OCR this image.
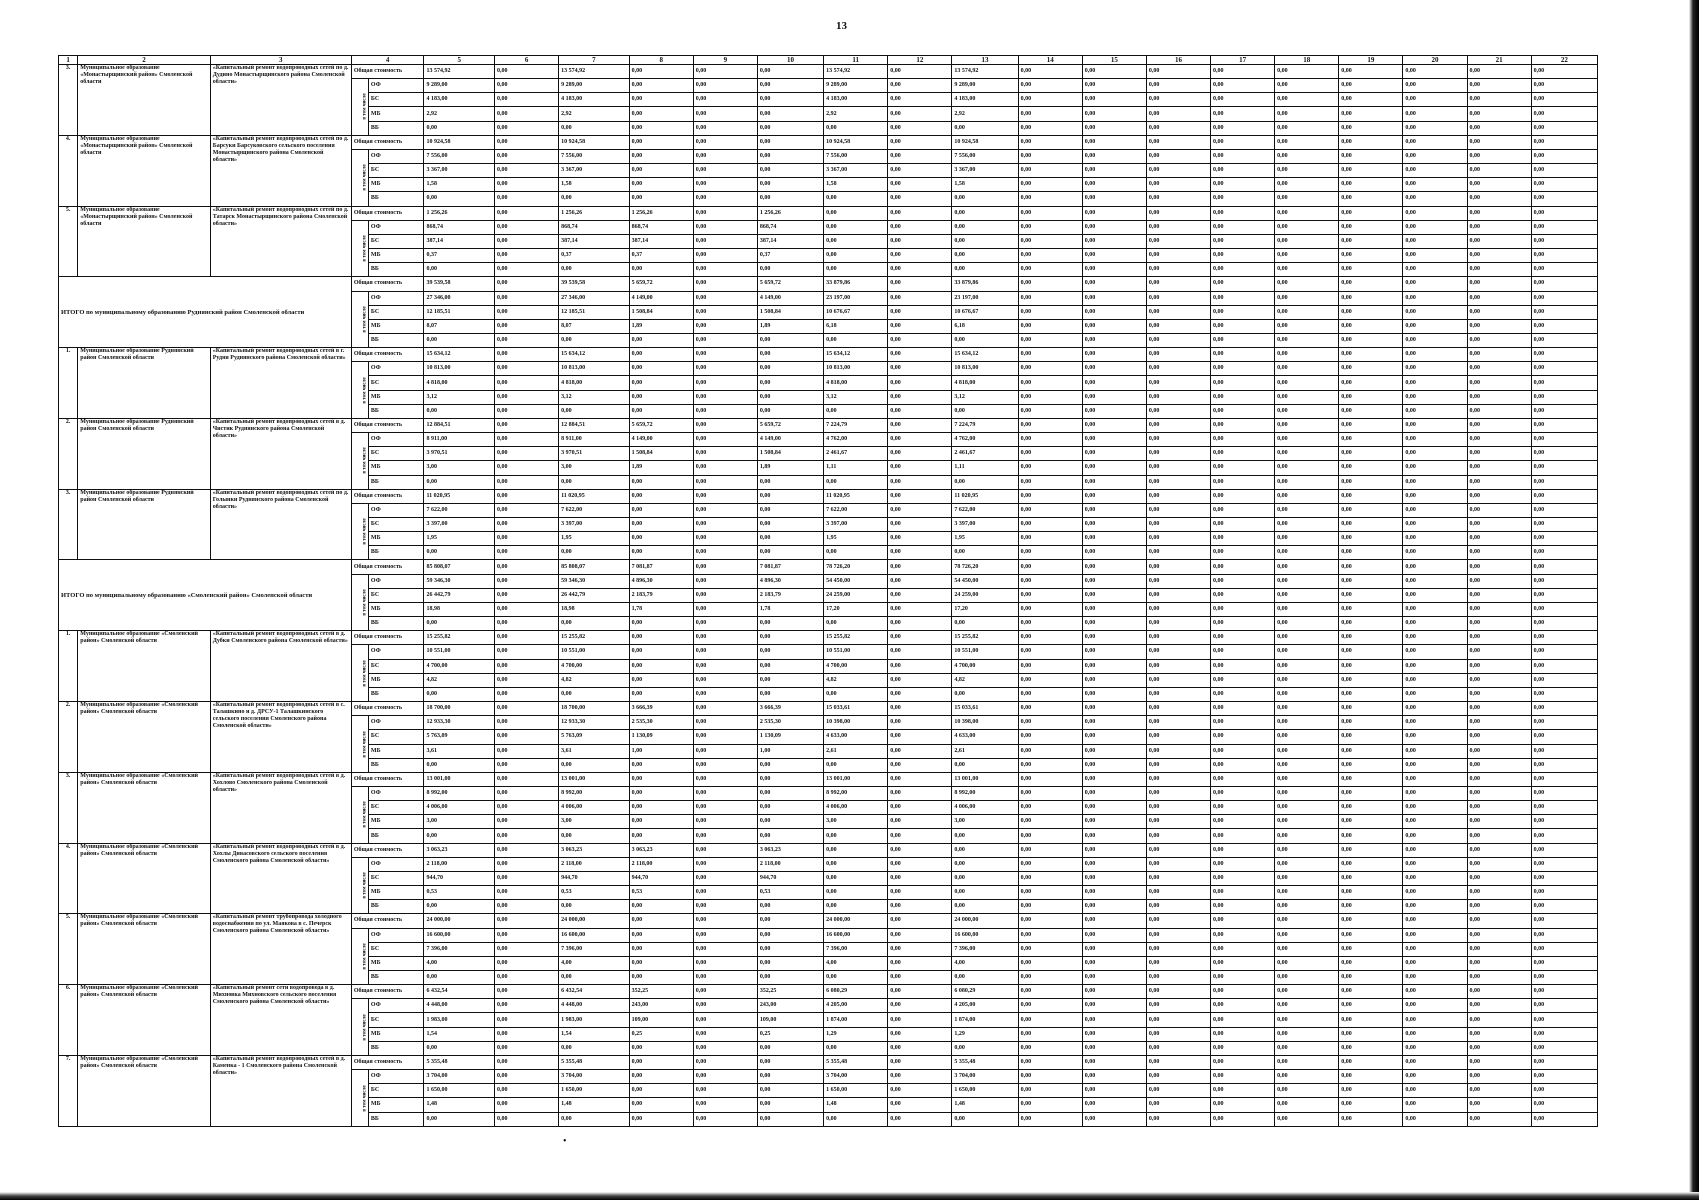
13
1	2	3	4		5	6	7	8	9	10	11	12	13	14	15	16	17	18	19	20	21	22
3.	Муниципальное образование «Монастырщинский район» Смоленской области	«Капитальный ремонт водопроводных сетей по д. Дудино Монастырщинского района Смоленской области»	Общая стоимость		13 574,92	0,00	13 574,92	0,00	0,00	0,00	13 574,92	0,00	13 574,92	0,00	0,00	0,00	0,00	0,00	0,00	0,00	0,00	0,00
			в том числе	ОФ	9 289,00	0,00	9 289,00	0,00	0,00	0,00	9 289,00	0,00	9 289,00	0,00	0,00	0,00	0,00	0,00	0,00	0,00	0,00	0,00
				БС	4 183,00	0,00	4 183,00	0,00	0,00	0,00	4 183,00	0,00	4 183,00	0,00	0,00	0,00	0,00	0,00	0,00	0,00	0,00	0,00
				МБ	2,92	0,00	2,92	0,00	0,00	0,00	2,92	0,00	2,92	0,00	0,00	0,00	0,00	0,00	0,00	0,00	0,00	0,00
				ВБ	0,00	0,00	0,00	0,00	0,00	0,00	0,00	0,00	0,00	0,00	0,00	0,00	0,00	0,00	0,00	0,00	0,00	0,00
4.	Муниципальное образование «Монастырщинский район» Смоленской области	«Капитальный ремонт водопроводных сетей по д. Барсуки Барсуковского сельского поселения Монастырщинского района Смоленской области»	Общая стоимость		10 924,58	0,00	10 924,58	0,00	0,00	0,00	10 924,58	0,00	10 924,58	0,00	0,00	0,00	0,00	0,00	0,00	0,00	0,00	0,00
			в том числе	ОФ	7 556,00	0,00	7 556,00	0,00	0,00	0,00	7 556,00	0,00	7 556,00	0,00	0,00	0,00	0,00	0,00	0,00	0,00	0,00	0,00
				БС	3 367,00	0,00	3 367,00	0,00	0,00	0,00	3 367,00	0,00	3 367,00	0,00	0,00	0,00	0,00	0,00	0,00	0,00	0,00	0,00
				МБ	1,58	0,00	1,58	0,00	0,00	0,00	1,58	0,00	1,58	0,00	0,00	0,00	0,00	0,00	0,00	0,00	0,00	0,00
				ВБ	0,00	0,00	0,00	0,00	0,00	0,00	0,00	0,00	0,00	0,00	0,00	0,00	0,00	0,00	0,00	0,00	0,00	0,00
5.	Муниципальное образование «Монастырщинский район» Смоленской области	«Капитальный ремонт водопроводных сетей по д. Татарск Монастырщинского района Смоленской области»	Общая стоимость		1 256,26	0,00	1 256,26	1 256,26	0,00	1 256,26	0,00	0,00	0,00	0,00	0,00	0,00	0,00	0,00	0,00	0,00	0,00	0,00
			в том числе	ОФ	868,74	0,00	868,74	868,74	0,00	868,74	0,00	0,00	0,00	0,00	0,00	0,00	0,00	0,00	0,00	0,00	0,00	0,00
				БС	387,14	0,00	387,14	387,14	0,00	387,14	0,00	0,00	0,00	0,00	0,00	0,00	0,00	0,00	0,00	0,00	0,00	0,00
				МБ	0,37	0,00	0,37	0,37	0,00	0,37	0,00	0,00	0,00	0,00	0,00	0,00	0,00	0,00	0,00	0,00	0,00	0,00
				ВБ	0,00	0,00	0,00	0,00	0,00	0,00	0,00	0,00	0,00	0,00	0,00	0,00	0,00	0,00	0,00	0,00	0,00	0,00
ИТОГО по муниципальному образованию Руднянский район Смоленской области			Общая стоимость		39 539,58	0,00	39 539,58	5 659,72	0,00	5 659,72	33 879,86	0,00	33 879,86	0,00	0,00	0,00	0,00	0,00	0,00	0,00	0,00	0,00
			в том числе	ОФ	27 346,00	0,00	27 346,00	4 149,00	0,00	4 149,00	23 197,00	0,00	23 197,00	0,00	0,00	0,00	0,00	0,00	0,00	0,00	0,00	0,00
				БС	12 185,51	0,00	12 185,51	1 508,84	0,00	1 508,84	10 676,67	0,00	10 676,67	0,00	0,00	0,00	0,00	0,00	0,00	0,00	0,00	0,00
				МБ	8,07	0,00	8,07	1,89	0,00	1,89	6,18	0,00	6,18	0,00	0,00	0,00	0,00	0,00	0,00	0,00	0,00	0,00
				ВБ	0,00	0,00	0,00	0,00	0,00	0,00	0,00	0,00	0,00	0,00	0,00	0,00	0,00	0,00	0,00	0,00	0,00	0,00
1.	Муниципальное образование Руднянский район Смоленской области	«Капитальный ремонт водопроводных сетей в г. Рудня Руднянского района Смоленской области»	Общая стоимость		15 634,12	0,00	15 634,12	0,00	0,00	0,00	15 634,12	0,00	15 634,12	0,00	0,00	0,00	0,00	0,00	0,00	0,00	0,00	0,00
			в том числе	ОФ	10 813,00	0,00	10 813,00	0,00	0,00	0,00	10 813,00	0,00	10 813,00	0,00	0,00	0,00	0,00	0,00	0,00	0,00	0,00	0,00
				БС	4 818,00	0,00	4 818,00	0,00	0,00	0,00	4 818,00	0,00	4 818,00	0,00	0,00	0,00	0,00	0,00	0,00	0,00	0,00	0,00
				МБ	3,12	0,00	3,12	0,00	0,00	0,00	3,12	0,00	3,12	0,00	0,00	0,00	0,00	0,00	0,00	0,00	0,00	0,00
				ВБ	0,00	0,00	0,00	0,00	0,00	0,00	0,00	0,00	0,00	0,00	0,00	0,00	0,00	0,00	0,00	0,00	0,00	0,00
2.	Муниципальное образование Руднянский район Смоленской области	«Капитальный ремонт водопроводных сетей в д. Чистик Руднянского района Смоленской области»	Общая стоимость		12 884,51	0,00	12 884,51	5 659,72	0,00	5 659,72	7 224,79	0,00	7 224,79	0,00	0,00	0,00	0,00	0,00	0,00	0,00	0,00	0,00
			в том числе	ОФ	8 911,00	0,00	8 911,00	4 149,00	0,00	4 149,00	4 762,00	0,00	4 762,00	0,00	0,00	0,00	0,00	0,00	0,00	0,00	0,00	0,00
				БС	3 970,51	0,00	3 970,51	1 508,84	0,00	1 508,84	2 461,67	0,00	2 461,67	0,00	0,00	0,00	0,00	0,00	0,00	0,00	0,00	0,00
				МБ	3,00	0,00	3,00	1,89	0,00	1,89	1,11	0,00	1,11	0,00	0,00	0,00	0,00	0,00	0,00	0,00	0,00	0,00
				ВБ	0,00	0,00	0,00	0,00	0,00	0,00	0,00	0,00	0,00	0,00	0,00	0,00	0,00	0,00	0,00	0,00	0,00	0,00
3.	Муниципальное образование Руднянский район Смоленской области	«Капитальный ремонт водопроводных сетей по д. Голынки Руднянского района Смоленской области»	Общая стоимость		11 020,95	0,00	11 020,95	0,00	0,00	0,00	11 020,95	0,00	11 020,95	0,00	0,00	0,00	0,00	0,00	0,00	0,00	0,00	0,00
			в том числе	ОФ	7 622,00	0,00	7 622,00	0,00	0,00	0,00	7 622,00	0,00	7 622,00	0,00	0,00	0,00	0,00	0,00	0,00	0,00	0,00	0,00
				БС	3 397,00	0,00	3 397,00	0,00	0,00	0,00	3 397,00	0,00	3 397,00	0,00	0,00	0,00	0,00	0,00	0,00	0,00	0,00	0,00
				МБ	1,95	0,00	1,95	0,00	0,00	0,00	1,95	0,00	1,95	0,00	0,00	0,00	0,00	0,00	0,00	0,00	0,00	0,00
				ВБ	0,00	0,00	0,00	0,00	0,00	0,00	0,00	0,00	0,00	0,00	0,00	0,00	0,00	0,00	0,00	0,00	0,00	0,00
ИТОГО по муниципальному образованию «Смоленский район» Смоленской области			Общая стоимость		85 808,07	0,00	85 808,07	7 081,87	0,00	7 081,87	78 726,20	0,00	78 726,20	0,00	0,00	0,00	0,00	0,00	0,00	0,00	0,00	0,00
			в том числе	ОФ	59 346,30	0,00	59 346,30	4 896,30	0,00	4 896,30	54 450,00	0,00	54 450,00	0,00	0,00	0,00	0,00	0,00	0,00	0,00	0,00	0,00
				БС	26 442,79	0,00	26 442,79	2 183,79	0,00	2 183,79	24 259,00	0,00	24 259,00	0,00	0,00	0,00	0,00	0,00	0,00	0,00	0,00	0,00
				МБ	18,98	0,00	18,98	1,78	0,00	1,78	17,20	0,00	17,20	0,00	0,00	0,00	0,00	0,00	0,00	0,00	0,00	0,00
				ВБ	0,00	0,00	0,00	0,00	0,00	0,00	0,00	0,00	0,00	0,00	0,00	0,00	0,00	0,00	0,00	0,00	0,00	0,00
1.	Муниципальное образование «Смоленский район» Смоленской области	«Капитальный ремонт водопроводных сетей в д. Дубки Смоленского района Смоленской области»	Общая стоимость		15 255,82	0,00	15 255,82	0,00	0,00	0,00	15 255,82	0,00	15 255,82	0,00	0,00	0,00	0,00	0,00	0,00	0,00	0,00	0,00
			в том числе	ОФ	10 551,00	0,00	10 551,00	0,00	0,00	0,00	10 551,00	0,00	10 551,00	0,00	0,00	0,00	0,00	0,00	0,00	0,00	0,00	0,00
				БС	4 700,00	0,00	4 700,00	0,00	0,00	0,00	4 700,00	0,00	4 700,00	0,00	0,00	0,00	0,00	0,00	0,00	0,00	0,00	0,00
				МБ	4,82	0,00	4,82	0,00	0,00	0,00	4,82	0,00	4,82	0,00	0,00	0,00	0,00	0,00	0,00	0,00	0,00	0,00
				ВБ	0,00	0,00	0,00	0,00	0,00	0,00	0,00	0,00	0,00	0,00	0,00	0,00	0,00	0,00	0,00	0,00	0,00	0,00
2.	Муниципальное образование «Смоленский район» Смоленской области	«Капитальный ремонт водопроводных сетей в с. Талашкино и д. ДРСУ-1 Талашкинского сельского поселения Смоленского района Смоленской области»	Общая стоимость		18 700,00	0,00	18 700,00	3 666,39	0,00	3 666,39	15 033,61	0,00	15 033,61	0,00	0,00	0,00	0,00	0,00	0,00	0,00	0,00	0,00
			в том числе	ОФ	12 933,30	0,00	12 933,30	2 535,30	0,00	2 535,30	10 398,00	0,00	10 398,00	0,00	0,00	0,00	0,00	0,00	0,00	0,00	0,00	0,00
				БС	5 763,09	0,00	5 763,09	1 130,09	0,00	1 130,09	4 633,00	0,00	4 633,00	0,00	0,00	0,00	0,00	0,00	0,00	0,00	0,00	0,00
				МБ	3,61	0,00	3,61	1,00	0,00	1,00	2,61	0,00	2,61	0,00	0,00	0,00	0,00	0,00	0,00	0,00	0,00	0,00
				ВБ	0,00	0,00	0,00	0,00	0,00	0,00	0,00	0,00	0,00	0,00	0,00	0,00	0,00	0,00	0,00	0,00	0,00	0,00
3.	Муниципальное образование «Смоленский район» Смоленской области	«Капитальный ремонт водопроводных сетей в д. Хохлово Смоленского района Смоленской области»	Общая стоимость		13 001,00	0,00	13 001,00	0,00	0,00	0,00	13 001,00	0,00	13 001,00	0,00	0,00	0,00	0,00	0,00	0,00	0,00	0,00	0,00
			в том числе	ОФ	8 992,00	0,00	8 992,00	0,00	0,00	0,00	8 992,00	0,00	8 992,00	0,00	0,00	0,00	0,00	0,00	0,00	0,00	0,00	0,00
				БС	4 006,00	0,00	4 006,00	0,00	0,00	0,00	4 006,00	0,00	4 006,00	0,00	0,00	0,00	0,00	0,00	0,00	0,00	0,00	0,00
				МБ	3,00	0,00	3,00	0,00	0,00	0,00	3,00	0,00	3,00	0,00	0,00	0,00	0,00	0,00	0,00	0,00	0,00	0,00
				ВБ	0,00	0,00	0,00	0,00	0,00	0,00	0,00	0,00	0,00	0,00	0,00	0,00	0,00	0,00	0,00	0,00	0,00	0,00
4.	Муниципальное образование «Смоленский район» Смоленской области	«Капитальный ремонт водопроводных сетей в д. Хохлы Дивасовского сельского поселения Смоленского района Смоленской области»	Общая стоимость		3 063,23	0,00	3 063,23	3 063,23	0,00	3 063,23	0,00	0,00	0,00	0,00	0,00	0,00	0,00	0,00	0,00	0,00	0,00	0,00
			в том числе	ОФ	2 118,00	0,00	2 118,00	2 118,00	0,00	2 118,00	0,00	0,00	0,00	0,00	0,00	0,00	0,00	0,00	0,00	0,00	0,00	0,00
				БС	944,70	0,00	944,70	944,70	0,00	944,70	0,00	0,00	0,00	0,00	0,00	0,00	0,00	0,00	0,00	0,00	0,00	0,00
				МБ	0,53	0,00	0,53	0,53	0,00	0,53	0,00	0,00	0,00	0,00	0,00	0,00	0,00	0,00	0,00	0,00	0,00	0,00
				ВБ	0,00	0,00	0,00	0,00	0,00	0,00	0,00	0,00	0,00	0,00	0,00	0,00	0,00	0,00	0,00	0,00	0,00	0,00
5.	Муниципальное образование «Смоленский район» Смоленской области	«Капитальный ремонт трубопровода холодного водоснабжения по ул. Маякова в с. Печерск Смоленского района Смоленской области»	Общая стоимость		24 000,00	0,00	24 000,00	0,00	0,00	0,00	24 000,00	0,00	24 000,00	0,00	0,00	0,00	0,00	0,00	0,00	0,00	0,00	0,00
			в том числе	ОФ	16 600,00	0,00	16 600,00	0,00	0,00	0,00	16 600,00	0,00	16 600,00	0,00	0,00	0,00	0,00	0,00	0,00	0,00	0,00	0,00
				БС	7 396,00	0,00	7 396,00	0,00	0,00	0,00	7 396,00	0,00	7 396,00	0,00	0,00	0,00	0,00	0,00	0,00	0,00	0,00	0,00
				МБ	4,00	0,00	4,00	0,00	0,00	0,00	4,00	0,00	4,00	0,00	0,00	0,00	0,00	0,00	0,00	0,00	0,00	0,00
				ВБ	0,00	0,00	0,00	0,00	0,00	0,00	0,00	0,00	0,00	0,00	0,00	0,00	0,00	0,00	0,00	0,00	0,00	0,00
6.	Муниципальное образование «Смоленский район» Смоленской области	«Капитальный ремонт сети водопровода в д. Михновка Михновского сельского поселения Смоленского района Смоленской области»	Общая стоимость		6 432,54	0,00	6 432,54	352,25	0,00	352,25	6 080,29	0,00	6 080,29	0,00	0,00	0,00	0,00	0,00	0,00	0,00	0,00	0,00
			в том числе	ОФ	4 448,00	0,00	4 448,00	243,00	0,00	243,00	4 205,00	0,00	4 205,00	0,00	0,00	0,00	0,00	0,00	0,00	0,00	0,00	0,00
				БС	1 983,00	0,00	1 983,00	109,00	0,00	109,00	1 874,00	0,00	1 874,00	0,00	0,00	0,00	0,00	0,00	0,00	0,00	0,00	0,00
				МБ	1,54	0,00	1,54	0,25	0,00	0,25	1,29	0,00	1,29	0,00	0,00	0,00	0,00	0,00	0,00	0,00	0,00	0,00
				ВБ	0,00	0,00	0,00	0,00	0,00	0,00	0,00	0,00	0,00	0,00	0,00	0,00	0,00	0,00	0,00	0,00	0,00	0,00
7.	Муниципальное образование «Смоленский район» Смоленской области	«Капитальный ремонт водопроводных сетей в д. Каменка - 1 Смоленского района Смоленской области»	Общая стоимость		5 355,48	0,00	5 355,48	0,00	0,00	0,00	5 355,48	0,00	5 355,48	0,00	0,00	0,00	0,00	0,00	0,00	0,00	0,00	0,00
			в том числе	ОФ	3 704,00	0,00	3 704,00	0,00	0,00	0,00	3 704,00	0,00	3 704,00	0,00	0,00	0,00	0,00	0,00	0,00	0,00	0,00	0,00
				БС	1 650,00	0,00	1 650,00	0,00	0,00	0,00	1 650,00	0,00	1 650,00	0,00	0,00	0,00	0,00	0,00	0,00	0,00	0,00	0,00
				МБ	1,48	0,00	1,48	0,00	0,00	0,00	1,48	0,00	1,48	0,00	0,00	0,00	0,00	0,00	0,00	0,00	0,00	0,00
				ВБ	0,00	0,00	0,00	0,00	0,00	0,00	0,00	0,00	0,00	0,00	0,00	0,00	0,00	0,00	0,00	0,00	0,00	0,00
•
